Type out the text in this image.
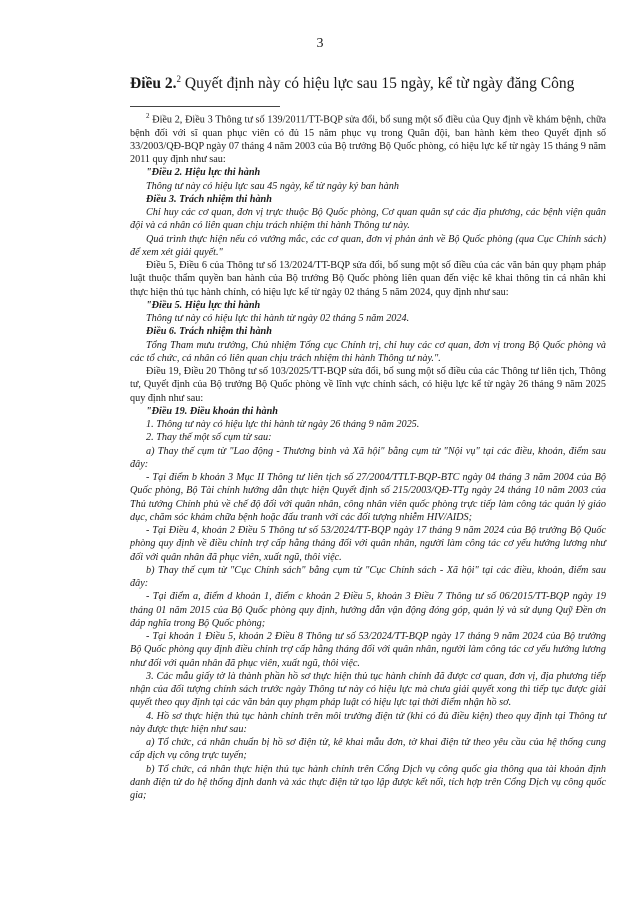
3
Điều 2.$^2$ Quyết định này có hiệu lực sau 15 ngày, kể từ ngày đăng Công

$^2$ Điều 2, Điều 3 Thông tư số 139/2011/TT-BQP sửa đổi, bổ sung một số điều của Quy định về khám bệnh, chữa bệnh đối với sĩ quan phục viên có đủ 15 năm phục vụ trong Quân đội, ban hành kèm theo Quyết định số 33/2003/QĐ-BQP ngày 07 tháng 4 năm 2003 của Bộ trưởng Bộ Quốc phòng, có hiệu lực kể từ ngày 15 tháng 9 năm 2011 quy định như sau:

"Điều 2. Hiệu lực thi hành

Thông tư này có hiệu lực sau 45 ngày, kể từ ngày ký ban hành

Điều 3. Trách nhiệm thi hành

Chỉ huy các cơ quan, đơn vị trực thuộc Bộ Quốc phòng, Cơ quan quân sự các địa phương, các bệnh viện quân đội và cá nhân có liên quan chịu trách nhiệm thi hành Thông tư này.

Quá trình thực hiện nếu có vướng mắc, các cơ quan, đơn vị phản ánh về Bộ Quốc phòng (qua Cục Chính sách) để xem xét giải quyết."

Điều 5, Điều 6 của Thông tư số 13/2024/TT-BQP sửa đổi, bổ sung một số điều của các văn bản quy phạm pháp luật thuộc thẩm quyền ban hành của Bộ trưởng Bộ Quốc phòng liên quan đến việc kê khai thông tin cá nhân khi thực hiện thủ tục hành chính, có hiệu lực kể từ ngày 02 tháng 5 năm 2024, quy định như sau:

"Điều 5. Hiệu lực thi hành

Thông tư này có hiệu lực thi hành từ ngày 02 tháng 5 năm 2024.

Điều 6. Trách nhiệm thi hành

Tổng Tham mưu trưởng, Chủ nhiệm Tổng cục Chính trị, chỉ huy các cơ quan, đơn vị trong Bộ Quốc phòng và các tổ chức, cá nhân có liên quan chịu trách nhiệm thi hành Thông tư này.".

Điều 19, Điều 20 Thông tư số 103/2025/TT-BQP sửa đổi, bổ sung một số điều của các Thông tư liên tịch, Thông tư, Quyết định của Bộ trưởng Bộ Quốc phòng về lĩnh vực chính sách, có hiệu lực kể từ ngày 26 tháng 9 năm 2025 quy định như sau:

"Điều 19. Điều khoản thi hành

1. Thông tư này có hiệu lực thi hành từ ngày 26 tháng 9 năm 2025.

2. Thay thế một số cụm từ sau:

a) Thay thế cụm từ "Lao động - Thương binh và Xã hội" bằng cụm từ "Nội vụ" tại các điều, khoản, điểm sau đây:

- Tại điểm b khoản 3 Mục II Thông tư liên tịch số 27/2004/TTLT-BQP-BTC ngày 04 tháng 3 năm 2004 của Bộ Quốc phòng, Bộ Tài chính hướng dẫn thực hiện Quyết định số 215/2003/QĐ-TTg ngày 24 tháng 10 năm 2003 của Thủ tướng Chính phủ về chế độ đối với quân nhân, công nhân viên quốc phòng trực tiếp làm công tác quản lý giáo dục, chăm sóc khám chữa bệnh hoặc đấu tranh với các đối tượng nhiễm HIV/AIDS;

- Tại Điều 4, khoản 2 Điều 5 Thông tư số 53/2024/TT-BQP ngày 17 tháng 9 năm 2024 của Bộ trưởng Bộ Quốc phòng quy định về điều chỉnh trợ cấp hằng tháng đối với quân nhân, người làm công tác cơ yếu hưởng lương như đối với quân nhân đã phục viên, xuất ngũ, thôi việc.

b) Thay thế cụm từ "Cục Chính sách" bằng cụm từ "Cục Chính sách - Xã hội" tại các điều, khoản, điểm sau đây:

- Tại điểm a, điểm d khoản 1, điểm c khoản 2 Điều 5, khoản 3 Điều 7 Thông tư số 06/2015/TT-BQP ngày 19 tháng 01 năm 2015 của Bộ Quốc phòng quy định, hướng dẫn vận động đóng góp, quản lý và sử dụng Quỹ Đền ơn đáp nghĩa trong Bộ Quốc phòng;

- Tại khoản 1 Điều 5, khoản 2 Điều 8 Thông tư số 53/2024/TT-BQP ngày 17 tháng 9 năm 2024 của Bộ trưởng Bộ Quốc phòng quy định điều chỉnh trợ cấp hằng tháng đối với quân nhân, người làm công tác cơ yếu hưởng lương như đối với quân nhân đã phục viên, xuất ngũ, thôi việc.

3. Các mẫu giấy tờ là thành phần hồ sơ thực hiện thủ tục hành chính đã được cơ quan, đơn vị, địa phương tiếp nhận của đối tượng chính sách trước ngày Thông tư này có hiệu lực mà chưa giải quyết xong thì tiếp tục được giải quyết theo quy định tại các văn bản quy phạm pháp luật có hiệu lực tại thời điểm nhận hồ sơ.

4. Hồ sơ thực hiện thủ tục hành chính trên môi trường điện tử (khi có đủ điều kiện) theo quy định tại Thông tư này được thực hiện như sau:

a) Tổ chức, cá nhân chuẩn bị hồ sơ điện tử, kê khai mẫu đơn, tờ khai điện tử theo yêu cầu của hệ thống cung cấp dịch vụ công trực tuyến;

b) Tổ chức, cá nhân thực hiện thủ tục hành chính trên Cổng Dịch vụ công quốc gia thông qua tài khoản định danh điện tử do hệ thống định danh và xác thực điện tử tạo lập được kết nối, tích hợp trên Cổng Dịch vụ công quốc gia;
